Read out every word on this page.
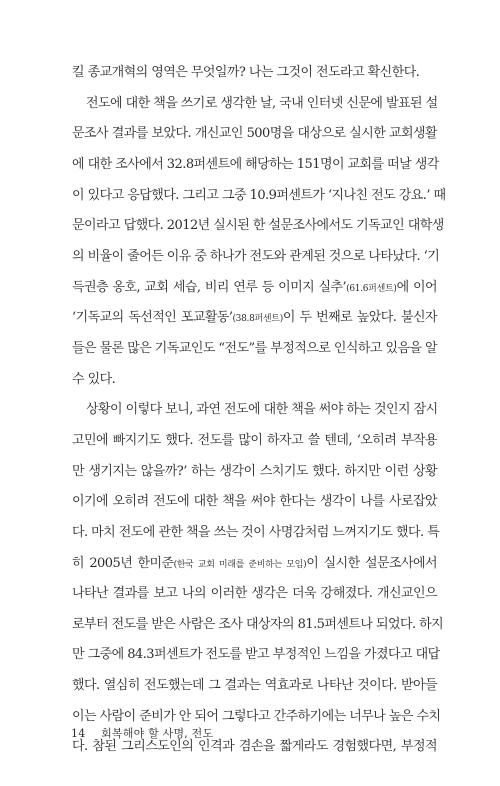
킬 종교개혁의 영역은 무엇일까? 나는 그것이 전도라고 확신한다.
전도에 대한 책을 쓰기로 생각한 날, 국내 인터넷 신문에 발표된 설
문조사 결과를 보았다. 개신교인 500명을 대상으로 실시한 교회생활
에 대한 조사에서 32.8퍼센트에 해당하는 151명이 교회를 떠날 생각
이 있다고 응답했다. 그리고 그중 10.9퍼센트가 ‘지나친 전도 강요.’ 때
문이라고 답했다. 2012년 실시된 한 설문조사에서도 기독교인 대학생
의 비율이 줄어든 이유 중 하나가 전도와 관계된 것으로 나타났다. ‘기
득권층 옹호, 교회 세습, 비리 연루 등 이미지 실추’(61.6퍼센트)에 이어
‘기독교의 독선적인 포교활동’(38.8퍼센트)이 두 번째로 높았다. 불신자
들은 물론 많은 기독교인도 “전도”를 부정적으로 인식하고 있음을 알
수 있다.
상황이 이렇다 보니, 과연 전도에 대한 책을 써야 하는 것인지 잠시
고민에 빠지기도 했다. 전도를 많이 하자고 쓸 텐데, ‘오히려 부작용
만 생기지는 않을까?’ 하는 생각이 스치기도 했다. 하지만 이런 상황
이기에 오히려 전도에 대한 책을 써야 한다는 생각이 나를 사로잡았
다. 마치 전도에 관한 책을 쓰는 것이 사명감처럼 느껴지기도 했다. 특
히 2005년 한미준(한국 교회 미래를 준비하는 모임)이 실시한 설문조사에서
나타난 결과를 보고 나의 이러한 생각은 더욱 강해졌다. 개신교인으
로부터 전도를 받은 사람은 조사 대상자의 81.5퍼센트나 되었다. 하지
만 그중에 84.3퍼센트가 전도를 받고 부정적인 느낌을 가졌다고 대답
했다. 열심히 전도했는데 그 결과는 역효과로 나타난 것이다. 받아들
이는 사람이 준비가 안 되어 그렇다고 간주하기에는 너무나 높은 수치
다. 참된 그리스도인의 인격과 겸손을 짧게라도 경험했다면, 부정적
14 회복해야 할 사명, 전도
